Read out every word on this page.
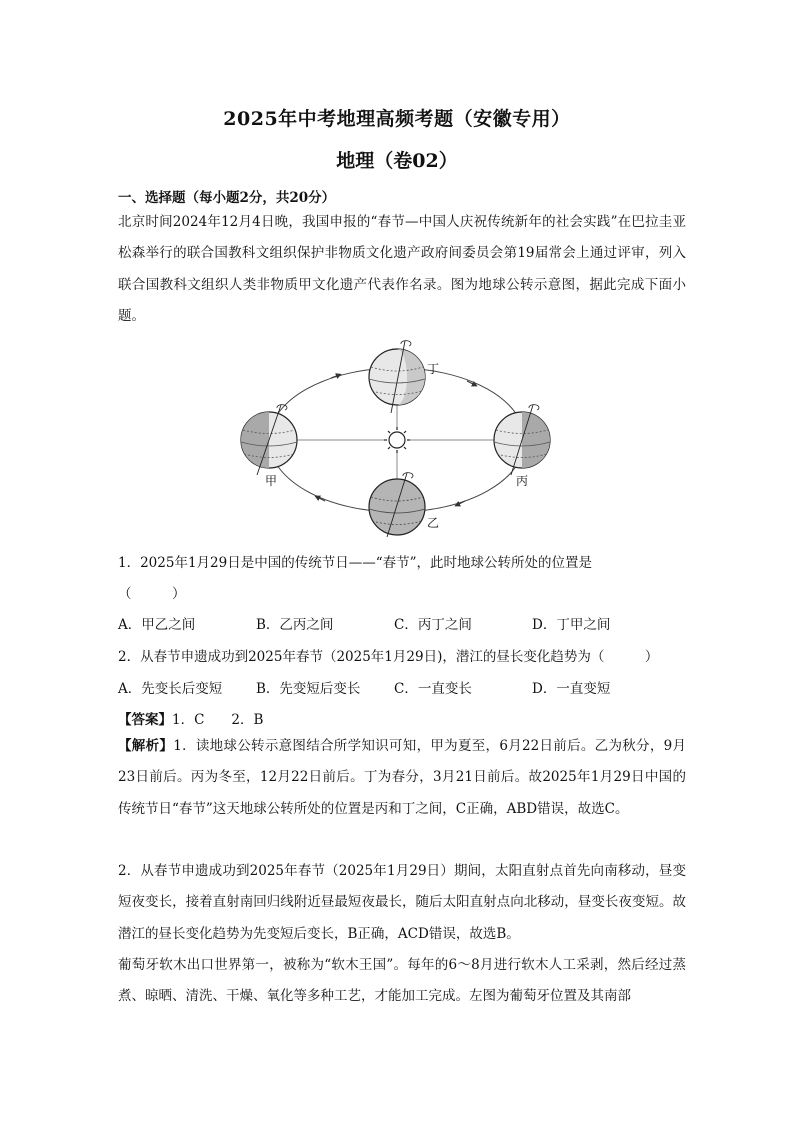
2025年中考地理高频考题（安徽专用）
地理（卷02）
一、选择题（每小题2分，共20分）
北京时间2024年12月4日晚，我国申报的“春节—中国人庆祝传统新年的社会实践”在巴拉圭亚松森举行的联合国教科文组织保护非物质文化遗产政府间委员会第19届常会上通过评审，列入联合国教科文组织人类非物质甲文化遗产代表作名录。图为地球公转示意图，据此完成下面小题。
丁
甲	丙
乙
1．2025年1月29日是中国的传统节日——“春节”，此时地球公转所处的位置是
（　　　）
A．甲乙之间	B．乙丙之间	C．丙丁之间	D．丁甲之间
2．从春节申遗成功到2025年春节（2025年1月29日)，潜江的昼长变化趋势为（　　　）
A．先变长后变短	B．先变短后变长	C．一直变长	D．一直变短
【答案】1．C　　2．B
【解析】1．读地球公转示意图结合所学知识可知，甲为夏至，6月22日前后。乙为秋分，9月23日前后。丙为冬至，12月22日前后。丁为春分，3月21日前后。故2025年1月29日中国的传统节日“春节”这天地球公转所处的位置是丙和丁之间，C正确，ABD错误，故选C。
2．从春节申遗成功到2025年春节（2025年1月29日）期间，太阳直射点首先向南移动，昼变短夜变长，接着直射南回归线附近昼最短夜最长，随后太阳直射点向北移动，昼变长夜变短。故潜江的昼长变化趋势为先变短后变长，B正确，ACD错误，故选B。
葡萄牙软木出口世界第一，被称为“软木王国”。每年的6～8月进行软木人工采剥，然后经过蒸煮、晾晒、清洗、干燥、氧化等多种工艺，才能加工完成。左图为葡萄牙位置及其南部
